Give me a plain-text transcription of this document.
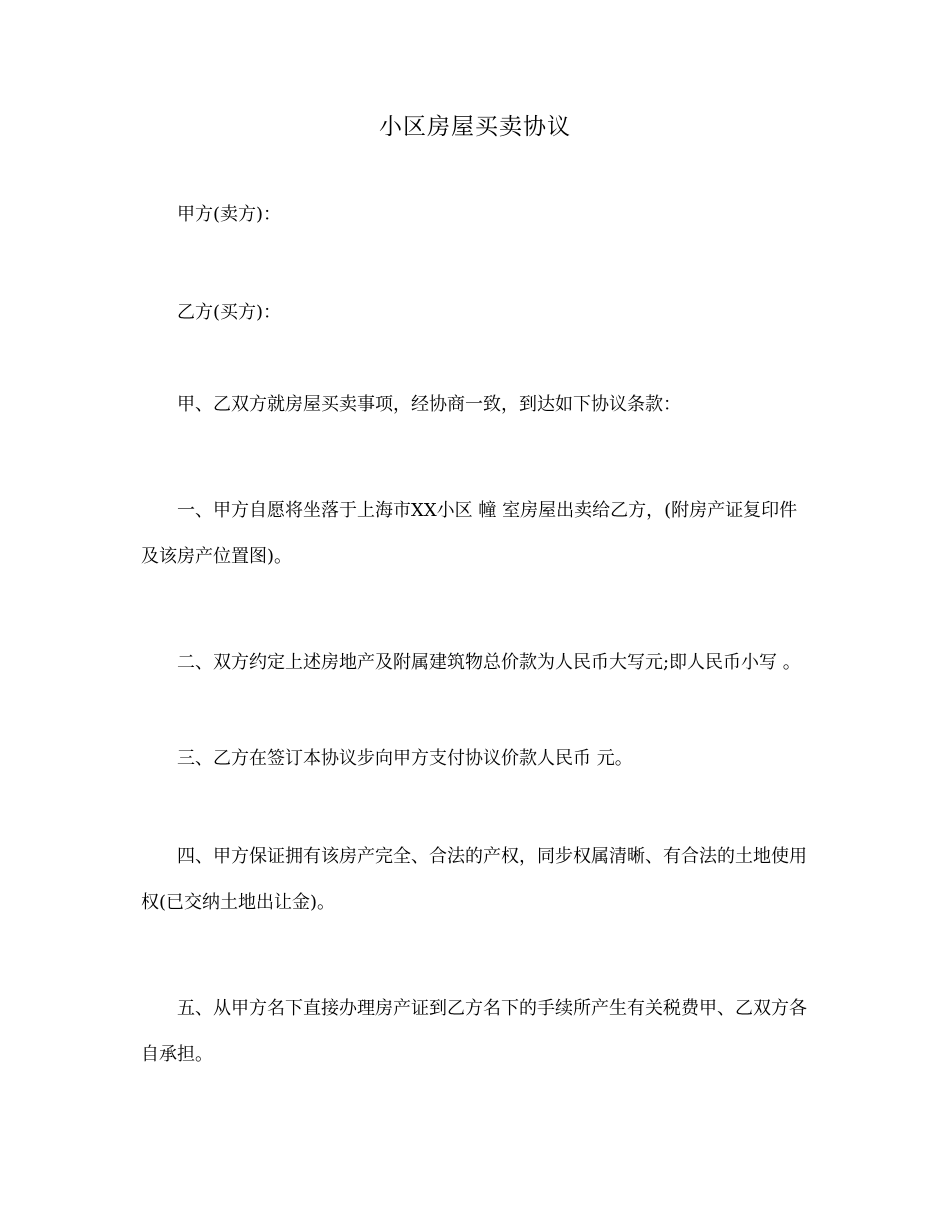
小区房屋买卖协议
甲方(卖方)：
乙方(买方)：
甲、乙双方就房屋买卖事项，经协商一致，到达如下协议条款：
一、甲方自愿将坐落于上海市XX小区 幢 室房屋出卖给乙方，(附房产证复印件及该房产位置图)。
二、双方约定上述房地产及附属建筑物总价款为人民币大写元;即人民币小写 。
三、乙方在签订本协议步向甲方支付协议价款人民币 元。
四、甲方保证拥有该房产完全、合法的产权，同步权属清晰、有合法的土地使用权(已交纳土地出让金)。
五、从甲方名下直接办理房产证到乙方名下的手续所产生有关税费甲、乙双方各自承担。
